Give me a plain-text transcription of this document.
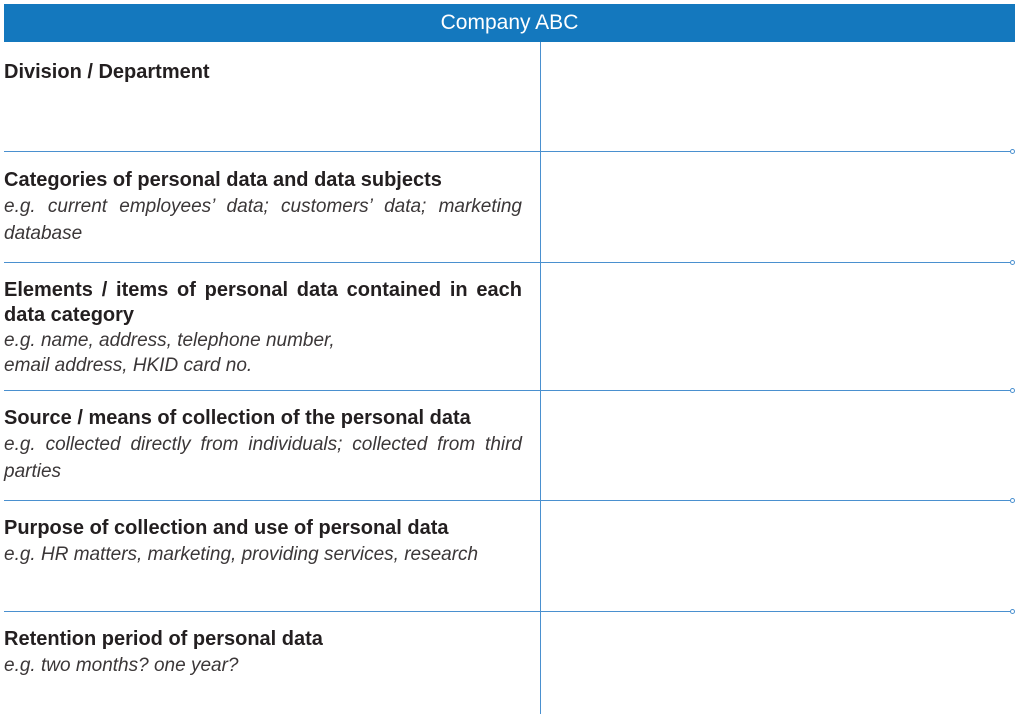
Company ABC

Division / Department

Categories of personal data and data subjects

e.g. current employees’ data; customers’ data; marketing database

Elements / items of personal data contained in each data category

e.g. name, address, telephone number,
email address, HKID card no.

Source / means of collection of the personal data

e.g. collected directly from individuals; collected from third parties

Purpose of collection and use of personal data

e.g. HR matters, marketing, providing services, research

Retention period of personal data

e.g. two months? one year?
